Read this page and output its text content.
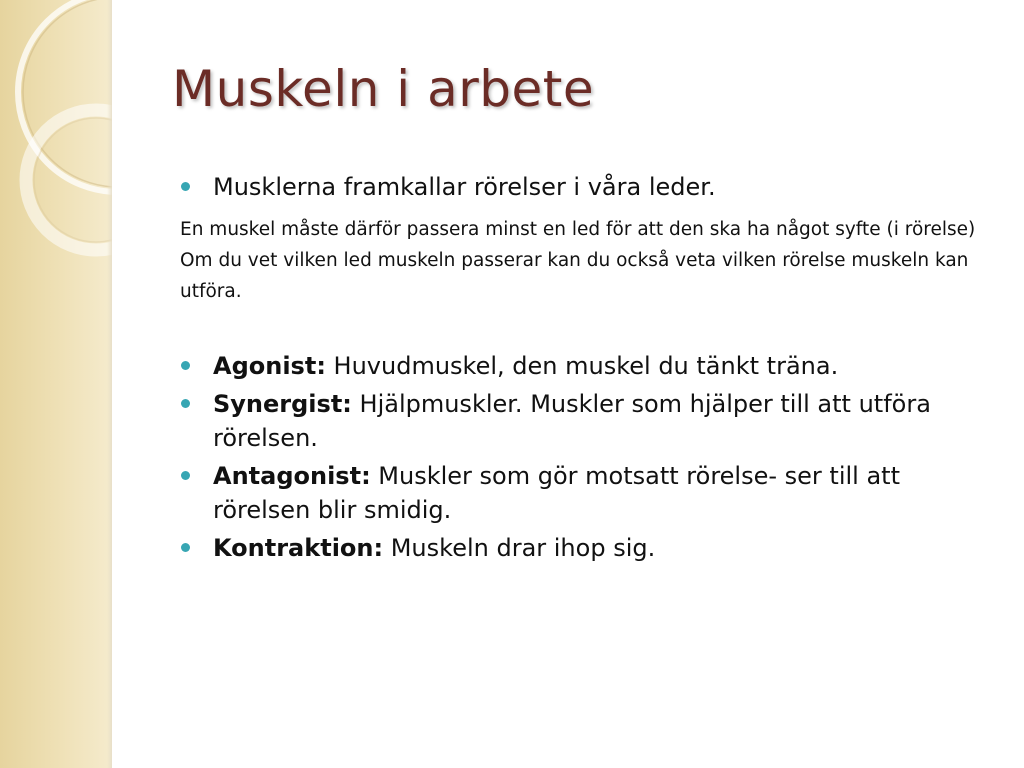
Muskeln i arbete
Musklerna framkallar rörelser i våra leder.
En muskel måste därför passera minst en led för att den ska ha något syfte (i rörelse) Om du vet vilken led muskeln passerar kan du också veta vilken rörelse muskeln kan utföra.
Agonist: Huvudmuskel, den muskel du tänkt träna.
Synergist: Hjälpmuskler. Muskler som hjälper till att utföra rörelsen.
Antagonist: Muskler som gör motsatt rörelse- ser till att rörelsen blir smidig.
Kontraktion: Muskeln drar ihop sig.
